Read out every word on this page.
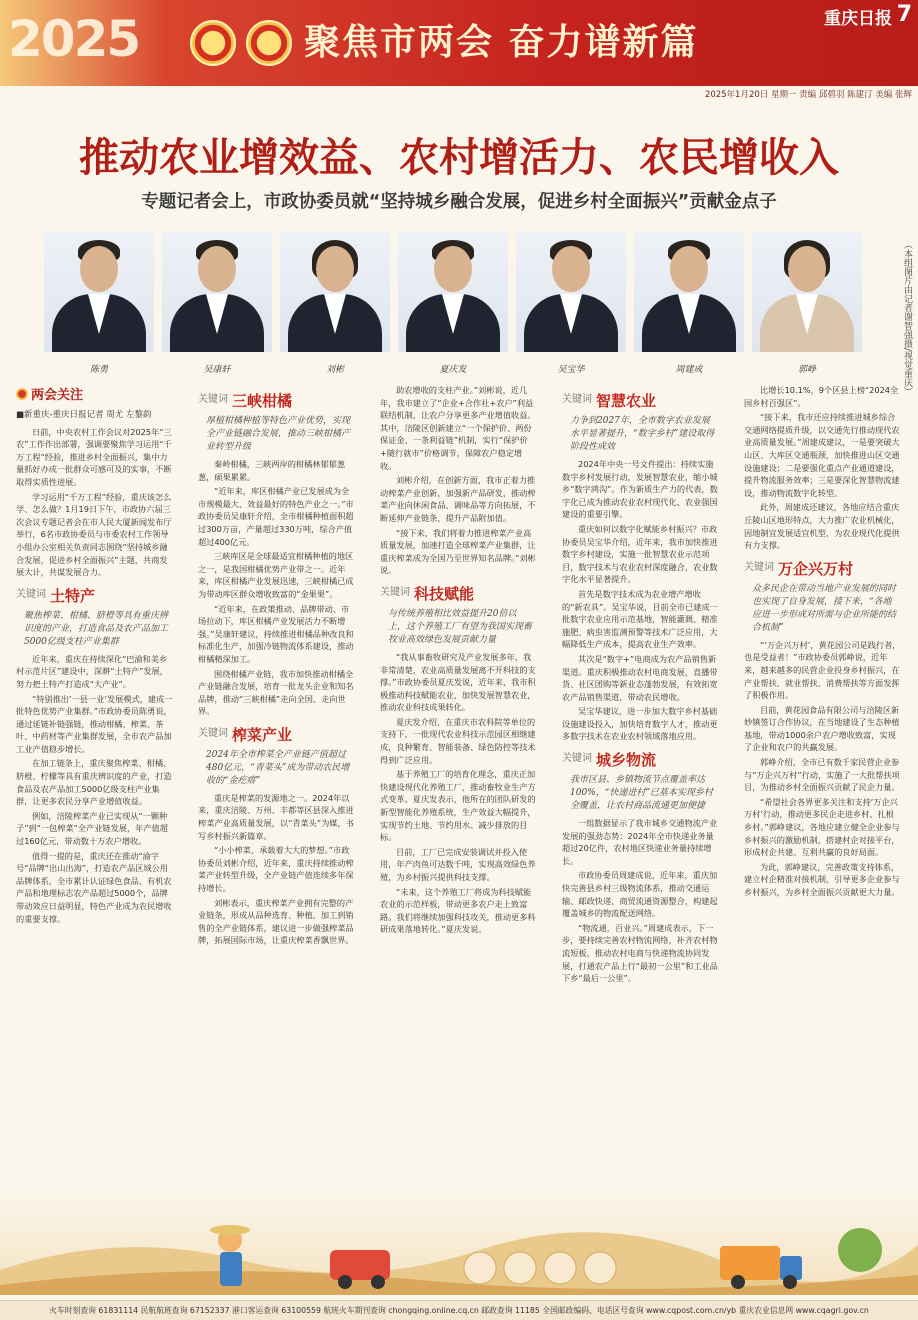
2025	聚焦市两会 奋力谱新篇
重庆日报 7
2025年1月20日 星期一 责编 邱碧羽 陈建汀 美编 张辉
推动农业增效益、农村增活力、农民增收入
专题记者会上，市政协委员就“坚持城乡融合发展，促进乡村全面振兴”贡献金点子
陈勇	吴康轩	刘彬	夏庆发	吴宝华	周建成	郭峥	（本组图片由记者谢智强摄/视觉重庆）
两会关注
■新重庆-重庆日报记者 周尤 左黎韵

日前，中央农村工作会议对2025年“三农”工作作出部署，强调要聚焦学习运用“千万工程”经验，推进乡村全面振兴，集中力量抓好办成一批群众可感可及的实事，不断取得实质性进展。

学习运用“千万工程”经验，重庆该怎么学、怎么做？1月19日下午，市政协六届三次会议专题记者会在市人民大厦新闻发布厅举行，6名市政协委员与市委农村工作领导小组办公室相关负责同志围绕“坚持城乡融合发展，促进乡村全面振兴”主题，共商发展大计，共谋发展合力。

关键词 土特产
聚焦榨菜、柑橘、脐橙等具有重庆辨识度的产业，打造食品及农产品加工5000亿级支柱产业集群

近年来，重庆在持续深化“巴渝和美乡村示范片区”建设中，深耕“土特产”发展，努力把土特产打造成“大产业”。

“特别推出‘一县一业’发展模式，建成一批特色优势产业集群。”市政协委员陈勇说，通过延链补链强链，推动柑橘、榨菜、茶叶、中药材等产业集群发展，全市农产品加工业产值稳步增长。

在加工链条上，重庆聚焦榨菜、柑橘、脐橙、柠檬等具有重庆辨识度的产业，打造食品及农产品加工5000亿级支柱产业集群，让更多农民分享产业增值收益。

例如，涪陵榨菜产业已实现从“一颗种子”到“一包榨菜”全产业链发展，年产值超过160亿元，带动数十万农户增收。

值得一提的是，重庆还在推动“渝字号”品牌“出山出海”，打造农产品区域公用品牌体系，全市累计认证绿色食品、有机农产品和地理标志农产品超过5000个，品牌带动效应日益明显，特色产业成为农民增收的重要支撑。

关键词 三峡柑橘
厚植柑橘种植等特色产业优势，实现全产业链融合发展，推动三峡柑橘产业转型升级

秦岭柑橘，三峡两岸的柑橘林郁郁葱葱，硕果累累。

“近年来，库区柑橘产业已发展成为全市规模最大、效益最好的特色产业之一。”市政协委员吴康轩介绍，全市柑橘种植面积超过300万亩，产量超过330万吨，综合产值超过400亿元。

三峡库区是全球最适宜柑橘种植的地区之一，是我国柑橘优势产业带之一。近年来，库区柑橘产业发展迅速，三峡柑橘已成为带动库区群众增收致富的“金果果”。

“近年来，在政策推动、品牌带动、市场拉动下，库区柑橘产业发展活力不断增强。”吴康轩建议，持续推进柑橘品种改良和标准化生产，加强冷链物流体系建设，推动柑橘精深加工。

围绕柑橘产业链，我市加快推动柑橘全产业链融合发展，培育一批龙头企业和知名品牌，推动“三峡柑橘”走向全国、走向世界。

关键词 榨菜产业
2024年全市榨菜全产业链产值超过480亿元，“青菜头”成为带动农民增收的“金疙瘩”

重庆是榨菜的发源地之一。2024年以来，重庆涪陵、万州、丰都等区县深入推进榨菜产业高质量发展，以“青菜头”为媒，书写乡村振兴新篇章。

“小小榨菜，承载着大大的梦想。”市政协委员刘彬介绍，近年来，重庆持续推动榨菜产业转型升级，全产业链产值连续多年保持增长。

刘彬表示，重庆榨菜产业拥有完整的产业链条，形成从品种选育、种植、加工到销售的全产业链体系，建议进一步做强榨菜品牌，拓展国际市场，让重庆榨菜香飘世界。

助农增收的支柱产业。”刘彬说，近几年，我市建立了“企业+合作社+农户”利益联结机制，让农户分享更多产业增值收益。其中，涪陵区创新建立“一个保护价、两份保证金、一条利益链”机制，实行“保护价+随行就市”价格调节，保障农户稳定增收。

刘彬介绍，在创新方面，我市正着力推动榨菜产业创新，加强新产品研发，推动榨菜产业向休闲食品、调味品等方向拓展，不断延伸产业链条，提升产品附加值。

“接下来，我们将着力推进榨菜产业高质量发展，加速打造全球榨菜产业集群，让重庆榨菜成为全国乃至世界知名品牌。”刘彬说。

关键词 科技赋能
与传统养殖相比效益提升20倍以上，这个养殖工厂有望为我国实现畜牧业高效绿色发展贡献力量

“我从事畜牧研究及产业发展多年，我非常清楚，农业高质量发展离不开科技的支撑。”市政协委员夏庆发说，近年来，我市积极推动科技赋能农业，加快发展智慧农业，推动农业科技成果转化。

夏庆发介绍，在重庆市农科院等单位的支持下，一批现代农业科技示范园区相继建成，良种繁育、智能装备、绿色防控等技术得到广泛应用。

基于养殖工厂的培育化理念，重庆正加快建设现代化养殖工厂，推动畜牧业生产方式变革。夏庆发表示，他所在的团队研发的新型智能化养殖系统，生产效益大幅提升，实现节约土地、节约用水、减少排放的目标。

目前，工厂已完成安装调试并投入使用，年产肉鱼可达数千吨，实现高效绿色养殖，为乡村振兴提供科技支撑。

“未来，这个养殖工厂将成为科技赋能农业的示范样板，带动更多农户走上致富路。我们将继续加强科技攻关，推动更多科研成果落地转化。”夏庆发说。

关键词 智慧农业
力争到2027年，全市数字农业发展水平显著提升，“数字乡村”建设取得阶段性成效

2024年中央一号文件提出：持续实施数字乡村发展行动，发展智慧农业，缩小城乡“数字鸿沟”。作为新质生产力的代表，数字化已成为推动农业农村现代化、农业强国建设的重要引擎。

重庆如何以数字化赋能乡村振兴？市政协委员吴宝华介绍，近年来，我市加快推进数字乡村建设，实施一批智慧农业示范项目，数字技术与农业农村深度融合，农业数字化水平显著提升。

首先是数字技术成为农业增产增收的“新农具”。吴宝华说，目前全市已建成一批数字农业应用示范基地，智能灌溉、精准施肥、病虫害监测预警等技术广泛应用，大幅降低生产成本，提高农业生产效率。

其次是“数字+”电商成为农产品销售新渠道。重庆积极推动农村电商发展，直播带货、社区团购等新业态蓬勃发展，有效拓宽农产品销售渠道，带动农民增收。

吴宝华建议，进一步加大数字乡村基础设施建设投入，加快培育数字人才，推动更多数字技术在农业农村领域落地应用。

关键词 城乡物流
我市区县、乡镇物流节点覆盖率达100%，“快递进村”已基本实现乡村全覆盖，让农村商品流通更加便捷

一组数据显示了我市城乡交通物流产业发展的强劲态势：2024年全市快递业务量超过20亿件，农村地区快递业务量持续增长。

市政协委员周建成说，近年来，重庆加快完善县乡村三级物流体系，推动交通运输、邮政快递、商贸流通资源整合，构建起覆盖城乡的物流配送网络。

“物流通，百业兴。”周建成表示，下一步，要持续完善农村物流网络，补齐农村物流短板，推动农村电商与快递物流协同发展，打通农产品上行“最初一公里”和工业品下乡“最后一公里”。

比增长10.1%，9个区县上榜“2024全国乡村百强区”。

“接下来，我市还应持续推进城乡综合交通网络提质升级，以交通先行推动现代农业高质量发展。”周建成建议，一是要突破大山区、大库区交通瓶颈，加快推进山区交通设施建设；二是要强化重点产业通道建设，提升物流服务效率；三是要深化智慧物流建设，推动物流数字化转型。

此外，周建成还建议，各地应结合重庆丘陵山区地形特点，大力推广农业机械化，因地制宜发展适宜机型，为农业现代化提供有力支撑。

关键词 万企兴万村
众多民企在带动当地产业发展的同时也实现了自身发展，接下来，“各地应进一步形成对所需与企业所能的结合机制”

“‘万企兴万村’，黄花园公司是践行者，也是受益者！”市政协委员郭峥说，近年来，越来越多的民营企业投身乡村振兴，在产业帮扶、就业帮扶、消费帮扶等方面发挥了积极作用。

目前，黄花园食品有限公司与涪陵区新妙镇签订合作协议，在当地建设了生态种植基地，带动1000余户农户增收致富，实现了企业和农户的共赢发展。

郭峥介绍，全市已有数千家民营企业参与“万企兴万村”行动，实施了一大批帮扶项目，为推动乡村全面振兴贡献了民企力量。

“希望社会各界更多关注和支持‘万企兴万村’行动，推动更多民企走进乡村、扎根乡村。”郭峥建议，各地应建立健全企业参与乡村振兴的激励机制，搭建村企对接平台，形成村企共建、互利共赢的良好局面。

为此，郭峥建议，完善政策支持体系，建立村企精准对接机制，引导更多企业参与乡村振兴，为乡村全面振兴贡献更大力量。

火车时刻查询 61831114 民航航班查询 67152337 港口客运查询 63100559 航班火车期刊查询 chongqing.online.cq.cn 邮政查询 11185 全国邮政编码、电话区号查询 www.cqpost.com.cn/yb 重庆农业信息网 www.cqagri.gov.cn
